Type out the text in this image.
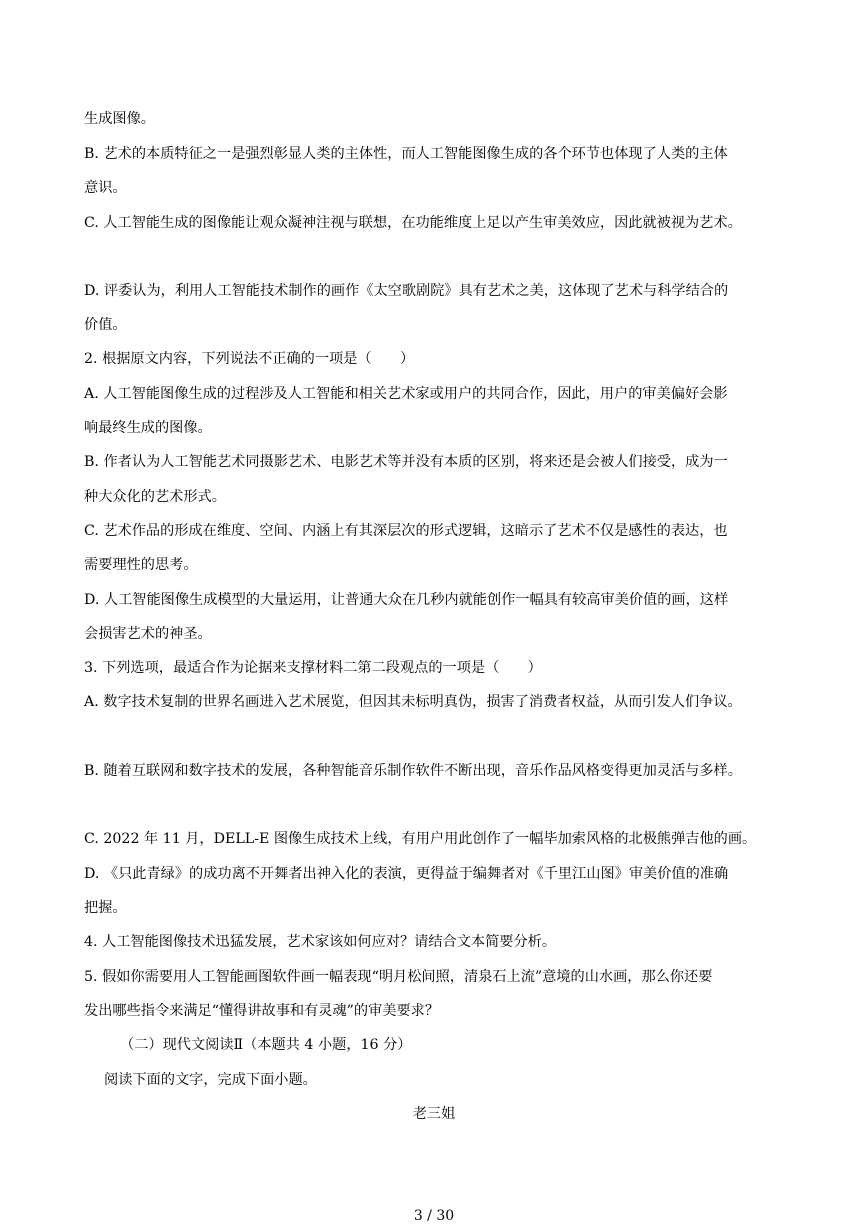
生成图像。
B. 艺术的本质特征之一是强烈彰显人类的主体性，而人工智能图像生成的各个环节也体现了人类的主体
意识。
C. 人工智能生成的图像能让观众凝神注视与联想，在功能维度上足以产生审美效应，因此就被视为艺术。
D. 评委认为，利用人工智能技术制作的画作《太空歌剧院》具有艺术之美，这体现了艺术与科学结合的
价值。
2. 根据原文内容，下列说法不正确的一项是（　　）
A. 人工智能图像生成的过程涉及人工智能和相关艺术家或用户的共同合作，因此，用户的审美偏好会影
响最终生成的图像。
B. 作者认为人工智能艺术同摄影艺术、电影艺术等并没有本质的区别，将来还是会被人们接受，成为一
种大众化的艺术形式。
C. 艺术作品的形成在维度、空间、内涵上有其深层次的形式逻辑，这暗示了艺术不仅是感性的表达，也
需要理性的思考。
D. 人工智能图像生成模型的大量运用，让普通大众在几秒内就能创作一幅具有较高审美价值的画，这样
会损害艺术的神圣。
3. 下列选项，最适合作为论据来支撑材料二第二段观点的一项是（　　）
A. 数字技术复制的世界名画进入艺术展览，但因其未标明真伪，损害了消费者权益，从而引发人们争议。
B. 随着互联网和数字技术的发展，各种智能音乐制作软件不断出现，音乐作品风格变得更加灵活与多样。
C. 2022 年 11 月，DELL-E 图像生成技术上线，有用户用此创作了一幅毕加索风格的北极熊弹吉他的画。
D. 《只此青绿》的成功离不开舞者出神入化的表演，更得益于编舞者对《千里江山图》审美价值的准确
把握。
4. 人工智能图像技术迅猛发展，艺术家该如何应对？请结合文本简要分析。
5. 假如你需要用人工智能画图软件画一幅表现“明月松间照，清泉石上流”意境的山水画，那么你还要
发出哪些指令来满足“懂得讲故事和有灵魂”的审美要求？
（二）现代文阅读Ⅱ（本题共 4 小题，16 分）
阅读下面的文字，完成下面小题。
老三姐
3 / 30
